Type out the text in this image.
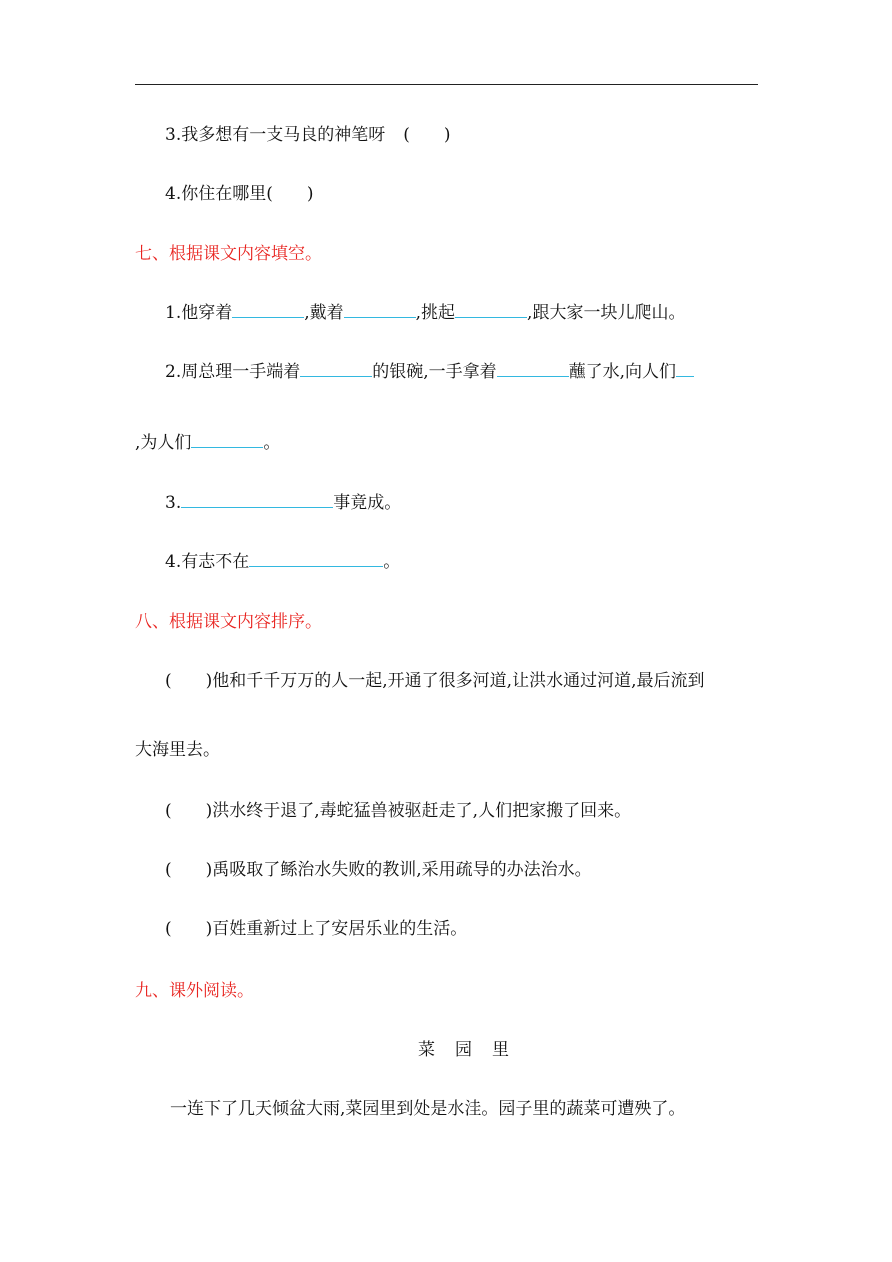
3.我多想有一支马良的神笔呀 (　　)
4.你住在哪里(　　)
七、根据课文内容填空。
1.他穿着	,戴着	,挑起	,跟大家一块儿爬山。
2.周总理一手端着	的银碗,一手拿着	蘸了水,向人们
,为人们	。
3.	事竟成。
4.有志不在	。
八、根据课文内容排序。
(　　)他和千千万万的人一起,开通了很多河道,让洪水通过河道,最后流到
大海里去。
(　　)洪水终于退了,毒蛇猛兽被驱赶走了,人们把家搬了回来。
(　　)禹吸取了鲧治水失败的教训,采用疏导的办法治水。
(　　)百姓重新过上了安居乐业的生活。
九、课外阅读。
菜 园 里
一连下了几天倾盆大雨,菜园里到处是水洼。园子里的蔬菜可遭殃了。
